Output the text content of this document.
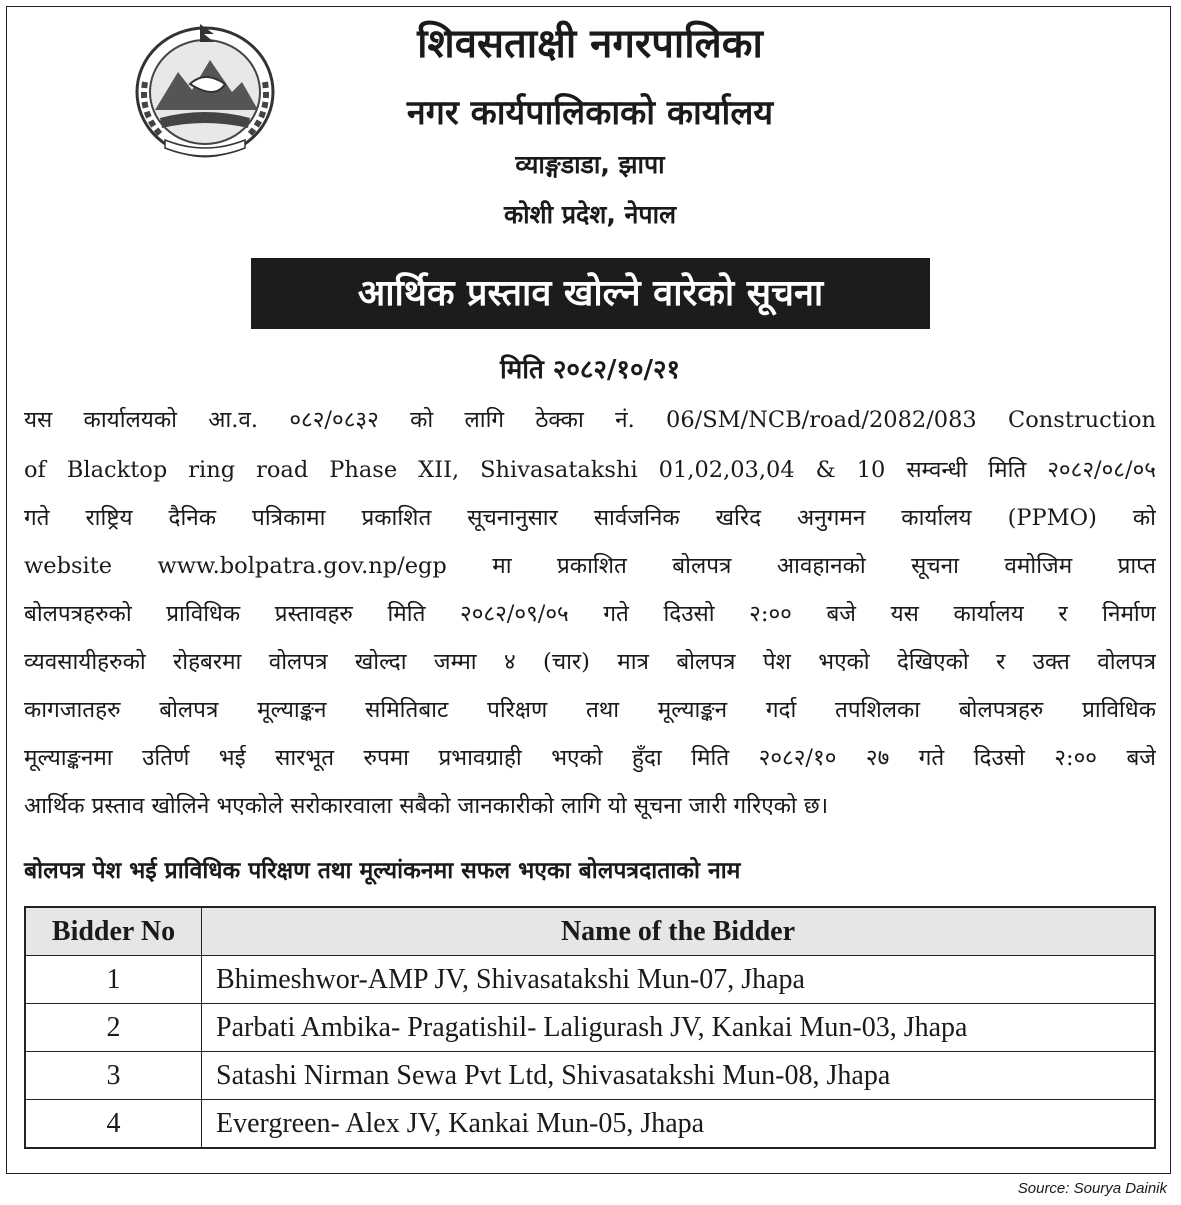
शिवसताक्षी नगरपालिका
नगर कार्यपालिकाको कार्यालय
व्याङ्गडाडा, झापा
कोशी प्रदेश, नेपाल
आर्थिक प्रस्ताव खोल्ने वारेको सूचना
मिति २०८२/१०/२१
यस कार्यालयको आ.व. ०८२/०८३२ को लागि ठेक्का नं. 06/SM/NCB/road/2082/083 Construction
of Blacktop ring road Phase XII, Shivasatakshi 01,02,03,04 & 10 सम्वन्धी मिति २०८२/०८/०५
गते राष्ट्रिय दैनिक पत्रिकामा प्रकाशित सूचनानुसार सार्वजनिक खरिद अनुगमन कार्यालय (PPMO) को
website www.bolpatra.gov.np/egp मा प्रकाशित बोलपत्र आवहानको सूचना वमोजिम प्राप्त
बोलपत्रहरुको प्राविधिक प्रस्तावहरु मिति २०८२/०९/०५ गते दिउसो २:०० बजे यस कार्यालय र निर्माण
व्यवसायीहरुको रोहबरमा वोलपत्र खोल्दा जम्मा ४ (चार) मात्र बोलपत्र पेश भएको देखिएको र उक्त वोलपत्र
कागजातहरु बोलपत्र मूल्याङ्कन समितिबाट परिक्षण तथा मूल्याङ्कन गर्दा तपशिलका बोलपत्रहरु प्राविधिक
मूल्याङ्कनमा उतिर्ण भई सारभूत रुपमा प्रभावग्राही भएको हुँदा मिति २०८२/१० २७ गते दिउसो २:०० बजे
आर्थिक प्रस्ताव खोलिने भएकोले सरोकारवाला सबैको जानकारीको लागि यो सूचना जारी गरिएको छ।
बोलपत्र पेश भई प्राविधिक परिक्षण तथा मूल्यांकनमा सफल भएका बोलपत्रदाताको नाम
Bidder No	Name of the Bidder
1	Bhimeshwor-AMP JV, Shivasatakshi Mun-07, Jhapa
2	Parbati Ambika- Pragatishil- Laligurash JV, Kankai Mun-03, Jhapa
3	Satashi Nirman Sewa Pvt Ltd, Shivasatakshi Mun-08, Jhapa
4	Evergreen- Alex JV, Kankai Mun-05, Jhapa
Source: Sourya Dainik
